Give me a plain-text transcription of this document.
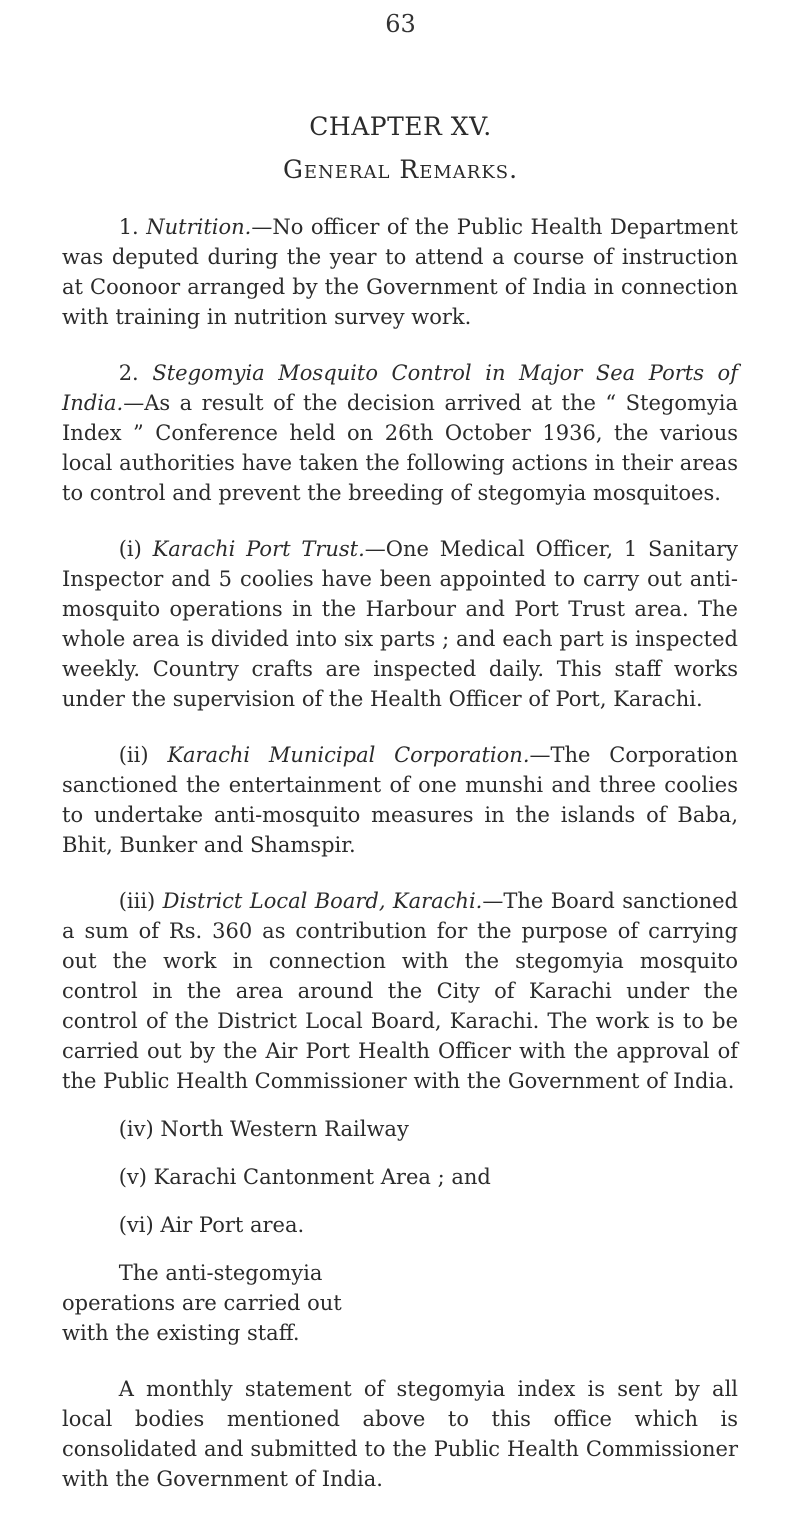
63
CHAPTER XV.
General Remarks.

1. Nutrition.—No officer of the Public Health Department was deputed during the year to attend a course of instruction at Coonoor arranged by the Government of India in connection with training in nutrition survey work.

2. Stegomyia Mosquito Control in Major Sea Ports of India.—As a result of the decision arrived at the “ Stegomyia Index ” Conference held on 26th October 1936, the various local authorities have taken the following actions in their areas to control and prevent the breeding of stegomyia mosquitoes.

(i) Karachi Port Trust.—One Medical Officer, 1 Sanitary Inspector and 5 coolies have been appointed to carry out anti-mosquito operations in the Harbour and Port Trust area. The whole area is divided into six parts ; and each part is inspected weekly. Country crafts are inspected daily. This staff works under the supervision of the Health Officer of Port, Karachi.

(ii) Karachi Municipal Corporation.—The Corporation sanctioned the entertainment of one munshi and three coolies to undertake anti-mosquito measures in the islands of Baba, Bhit, Bunker and Shamspir.

(iii) District Local Board, Karachi.—The Board sanctioned a sum of Rs. 360 as contribution for the purpose of carrying out the work in connection with the stegomyia mosquito control in the area around the City of Karachi under the control of the District Local Board, Karachi. The work is to be carried out by the Air Port Health Officer with the approval of the Public Health Commissioner with the Government of India.

(iv) North Western Railway

(v) Karachi Cantonment Area ; and

(vi) Air Port area.

The anti-stegomyia operations are carried out with the existing staff.

A monthly statement of stegomyia index is sent by all local bodies mentioned above to this office which is consolidated and submitted to the Public Health Commissioner with the Government of India.
